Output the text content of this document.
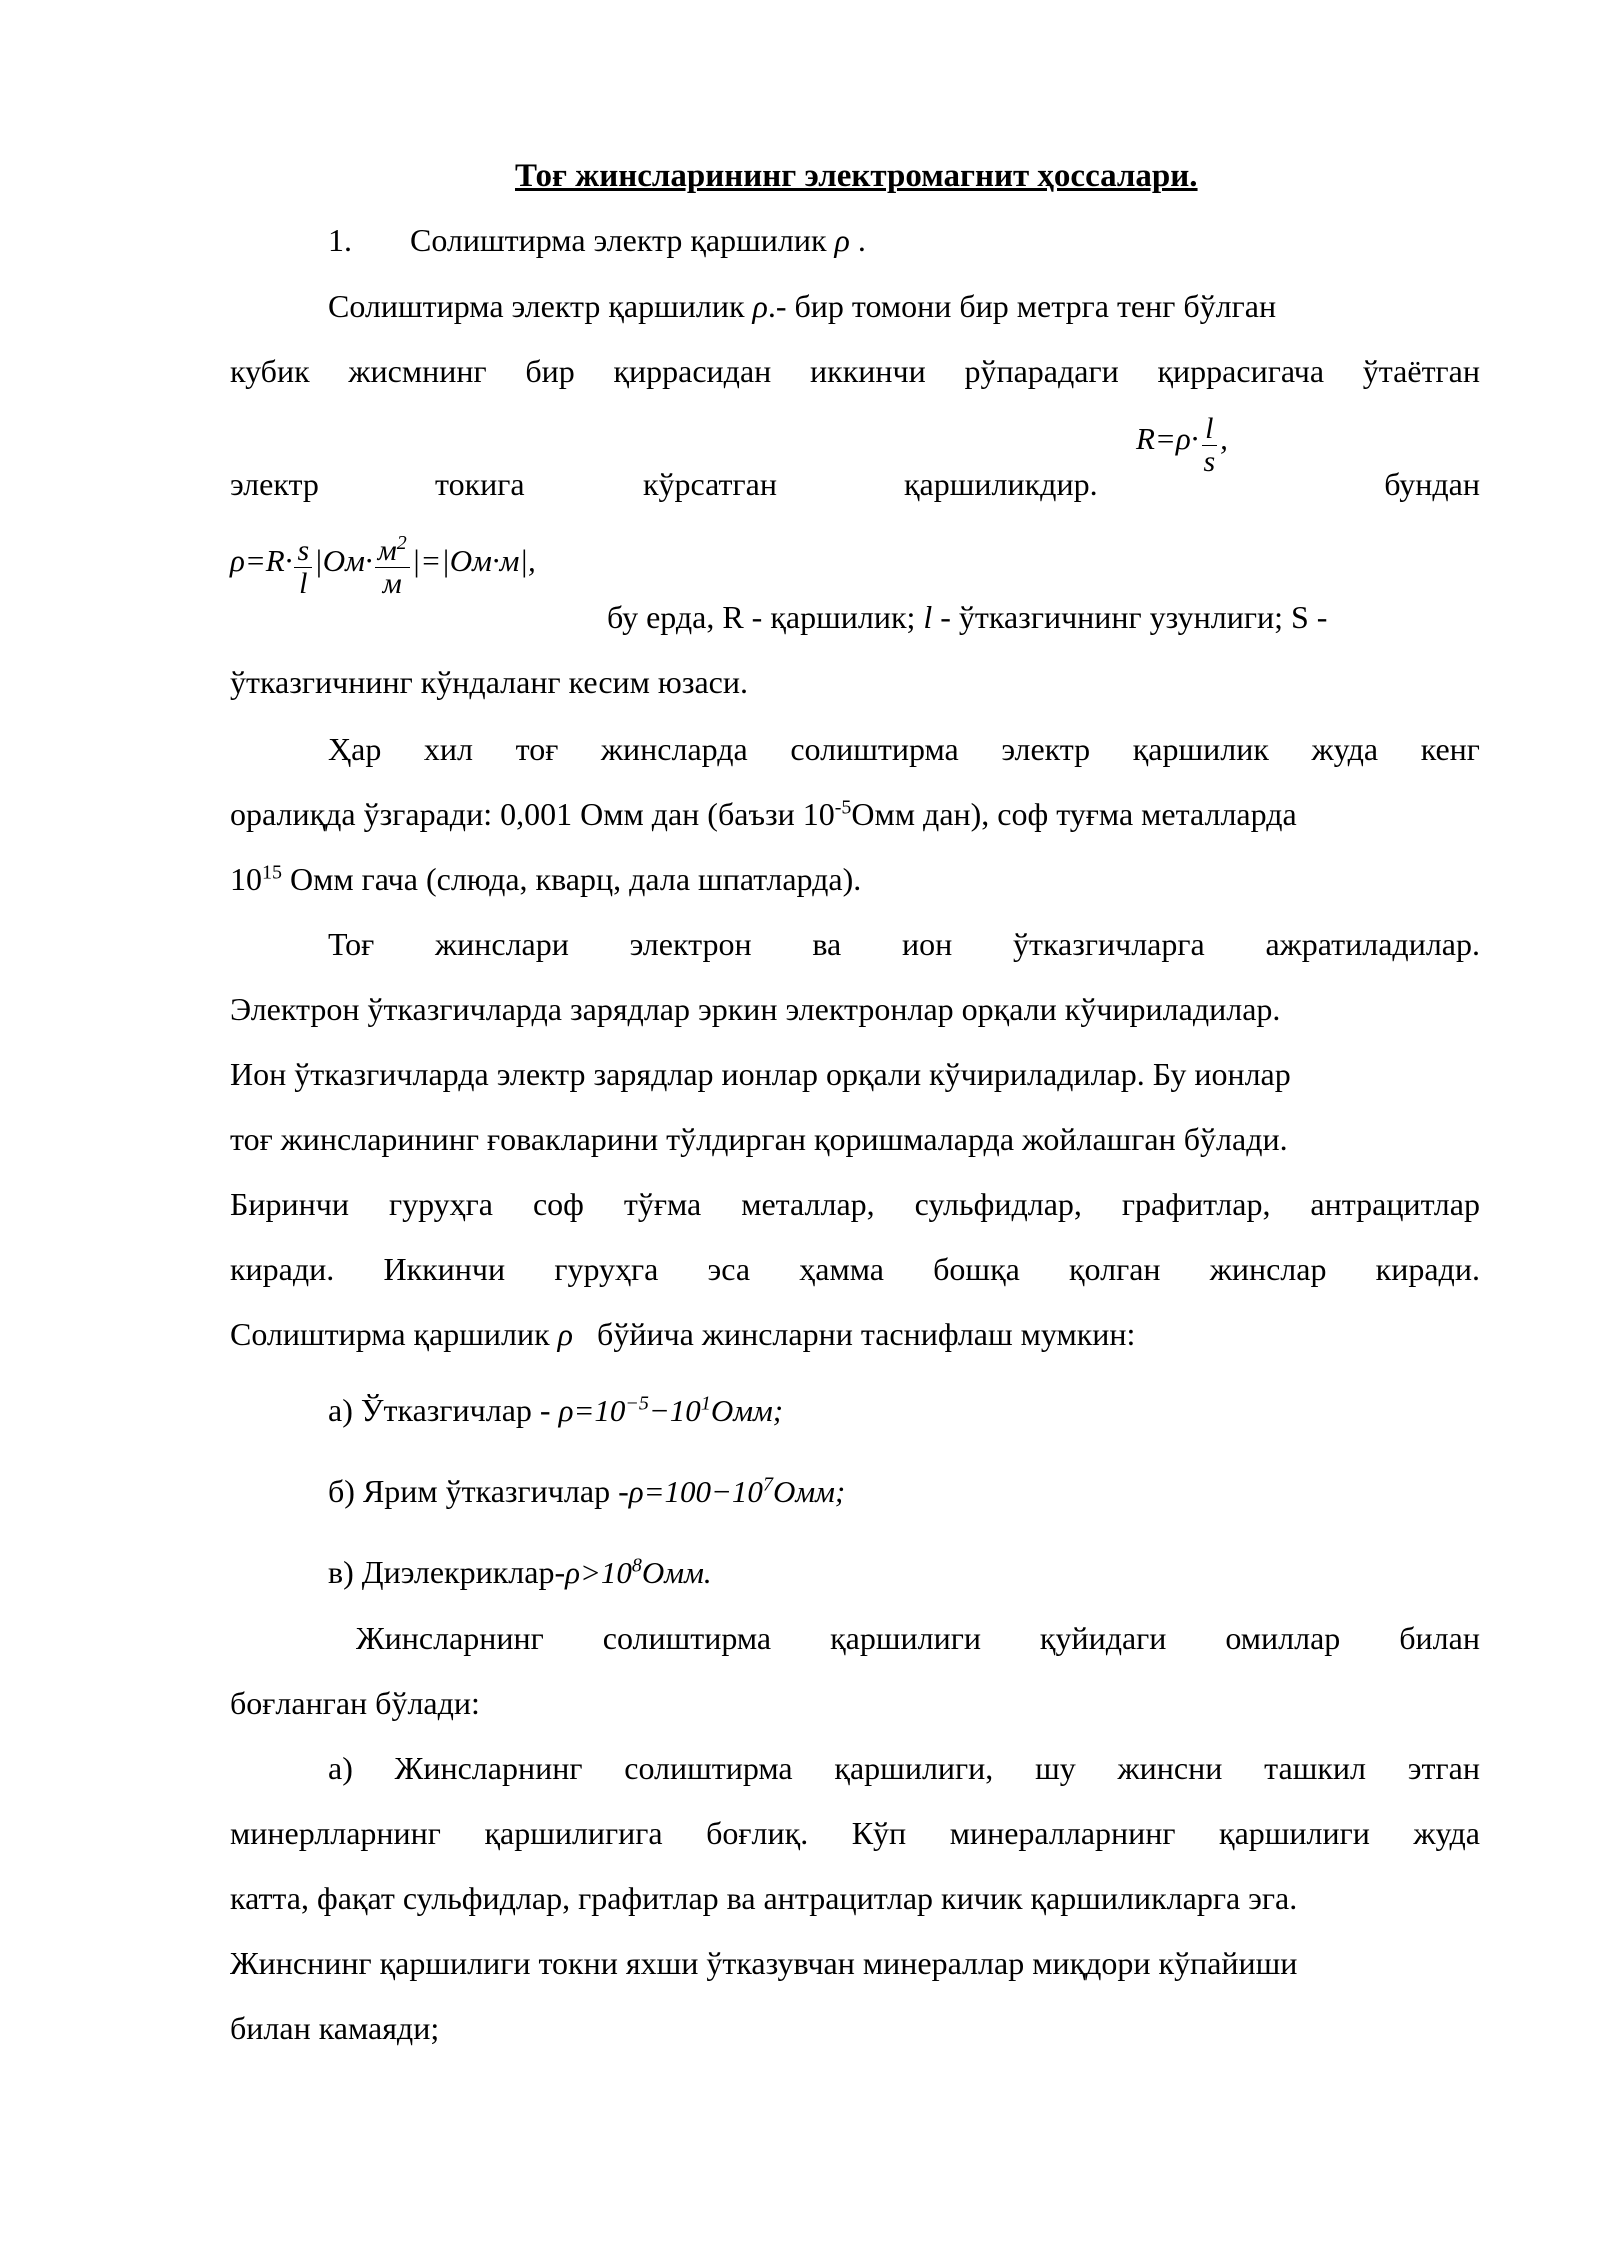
Тоғ жинсларининг электромагнит ҳоссалари.
1. Солиштирма электр қаршилик ρ .
Солиштирма электр қаршилик ρ.- бир томони бир метрга тенг бўлган
кубик жисмнинг бир қиррасидан иккинчи рўпарадаги қиррасигача ўтаётган
электр	токига	кўрсатган	қаршиликдир.	бундан
$R=\rho\cdot \frac{l}{s}$ ,
$\rho=R\cdot \frac{s}{l} |Ом\cdot \frac{м^2}{м} |=|Ом\cdot м|$,
бу ерда, R - қаршилик; l - ўтказгичнинг узунлиги; S -
ўтказгичнинг кўндаланг кесим юзаси.
Ҳар хил тоғ жинсларда солиштирма электр қаршилик жуда кенг
оралиқда ўзгаради: 0,001 Омм дан (баъзи $10^{-5}Омм$ дан), соф туғма металларда
$10^{15}$ Омм гача (слюда, кварц, дала шпатларда).
Тоғ жинслари электрон ва ион ўтказгичларга ажратиладилар.
Электрон ўтказгичларда зарядлар эркин электронлар орқали кўчириладилар.
Ион ўтказгичларда электр зарядлар ионлар орқали кўчириладилар. Бу ионлар
тоғ жинсларининг ғовакларини тўлдирган қоришмаларда жойлашган бўлади.
Биринчи гуруҳга соф тўғма металлар, сульфидлар, графитлар, антрацитлар
киради. Иккинчи гуруҳга эса ҳамма бошқа қолган жинслар киради.
Солиштирма қаршилик ρ бўйича жинсларни таснифлаш мумкин:
а) Ўтказгичлар - $\rho=10^{-5}-10^1Омм$;
б) Ярим ўтказгичлар $-\rho=100-10^7Омм$;
в) Диэлекриклар-$\rho>10^8Омм$.
Жинсларнинг солиштирма қаршилиги қуйидаги омиллар билан
боғланган бўлади:
а) Жинсларнинг солиштирма қаршилиги, шу жинсни ташкил этган
минерлларнинг қаршилигига боғлиқ. Кўп минералларнинг қаршилиги жуда
катта, фақат сульфидлар, графитлар ва антрацитлар кичик қаршиликларга эга.
Жинснинг қаршилиги токни яхши ўтказувчан минераллар миқдори кўпайиши
билан камаяди;
